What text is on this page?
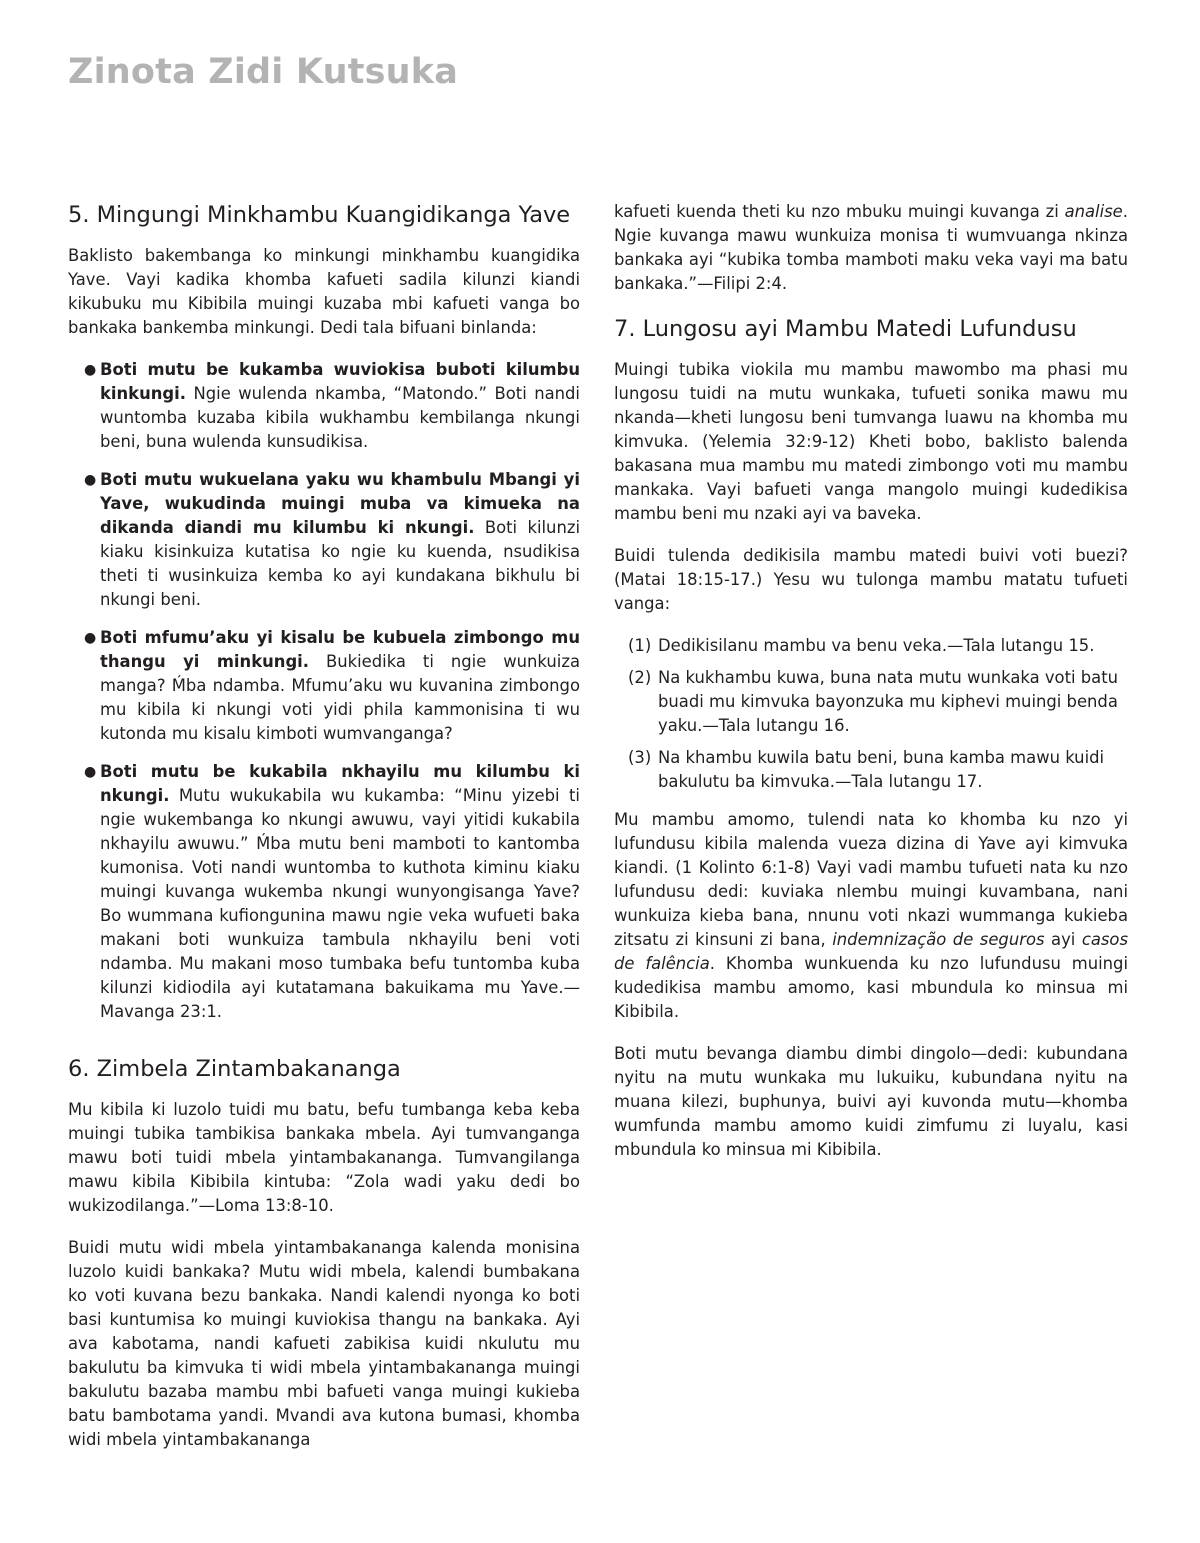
Zinota Zidi Kutsuka
5. Mingungi Minkhambu Kuangidikanga Yave

Baklisto bakembanga ko minkungi minkhambu kuangidika Yave. Vayi kadika khomba kafueti sadila kilunzi kiandi kikubuku mu Kibibila muingi kuzaba mbi kafueti vanga bo bankaka bankemba minkungi. Dedi tala bifuani binlanda:

● Boti mutu be kukamba wuviokisa buboti kilumbu kinkungi. Ngie wulenda nkamba, “Matondo.” Boti nandi wuntomba kuzaba kibila wukhambu kembilanga nkungi beni, buna wulenda kunsudikisa.
● Boti mutu wukuelana yaku wu khambulu Mbangi yi Yave, wukudinda muingi muba va kimueka na dikanda diandi mu kilumbu ki nkungi. Boti kilunzi kiaku kisinkuiza kutatisa ko ngie ku kuenda, nsudikisa theti ti wusinkuiza kemba ko ayi kundakana bikhulu bi nkungi beni.
● Boti mfumu’aku yi kisalu be kubuela zimbongo mu thangu yi minkungi. Bukiedika ti ngie wunkuiza manga? Ḿba ndamba. Mfumu’aku wu kuvanina zimbongo mu kibila ki nkungi voti yidi phila kammonisina ti wu kutonda mu kisalu kimboti wumvanganga?
● Boti mutu be kukabila nkhayilu mu kilumbu ki nkungi. Mutu wukukabila wu kukamba: “Minu yizebi ti ngie wukembanga ko nkungi awuwu, vayi yitidi kukabila nkhayilu awuwu.” Ḿba mutu beni mamboti to kantomba kumonisa. Voti nandi wuntomba to kuthota kiminu kiaku muingi kuvanga wukemba nkungi wunyongisanga Yave? Bo wummana kufiongunina mawu ngie veka wufueti baka makani boti wunkuiza tambula nkhayilu beni voti ndamba. Mu makani moso tumbaka befu tuntomba kuba kilunzi kidiodila ayi kutatamana bakuikama mu Yave.—Mavanga 23:1.
6. Zimbela Zintambakananga

Mu kibila ki luzolo tuidi mu batu, befu tumbanga keba keba muingi tubika tambikisa bankaka mbela. Ayi tumvanganga mawu boti tuidi mbela yintambakananga. Tumvangilanga mawu kibila Kibibila kintuba: “Zola wadi yaku dedi bo wukizodilanga.”—Loma 13:8-10.

Buidi mutu widi mbela yintambakananga kalenda monisina luzolo kuidi bankaka? Mutu widi mbela, kalendi bumbakana ko voti kuvana bezu bankaka. Nandi kalendi nyonga ko boti basi kuntumisa ko muingi kuviokisa thangu na bankaka. Ayi ava kabotama, nandi kafueti zabikisa kuidi nkulutu mu bakulutu ba kimvuka ti widi mbela yintambakananga muingi bakulutu bazaba mambu mbi bafueti vanga muingi kukieba batu bambotama yandi. Mvandi ava kutona bumasi, khomba widi mbela yintambakananga

kafueti kuenda theti ku nzo mbuku muingi kuvanga zi analise. Ngie kuvanga mawu wunkuiza monisa ti wumvuanga nkinza bankaka ayi “kubika tomba mamboti maku veka vayi ma batu bankaka.”—Filipi 2:4.

7. Lungosu ayi Mambu Matedi Lufundusu

Muingi tubika viokila mu mambu mawombo ma phasi mu lungosu tuidi na mutu wunkaka, tufueti sonika mawu mu nkanda—kheti lungosu beni tumvanga luawu na khomba mu kimvuka. (Yelemia 32:9-12) Kheti bobo, baklisto balenda bakasana mua mambu mu matedi zimbongo voti mu mambu mankaka. Vayi bafueti vanga mangolo muingi kudedikisa mambu beni mu nzaki ayi va baveka.

Buidi tulenda dedikisila mambu matedi buivi voti buezi? (Matai 18:15-17.) Yesu wu tulonga mambu matatu tufueti vanga:

(1) Dedikisilanu mambu va benu veka.—Tala lutangu 15.
(2) Na kukhambu kuwa, buna nata mutu wunkaka voti batu buadi mu kimvuka bayonzuka mu kiphevi muingi benda yaku.—Tala lutangu 16.
(3) Na khambu kuwila batu beni, buna kamba mawu kuidi bakulutu ba kimvuka.—Tala lutangu 17.

Mu mambu amomo, tulendi nata ko khomba ku nzo yi lufundusu kibila malenda vueza dizina di Yave ayi kimvuka kiandi. (1 Kolinto 6:1-8) Vayi vadi mambu tufueti nata ku nzo lufundusu dedi: kuviaka nlembu muingi kuvambana, nani wunkuiza kieba bana, nnunu voti nkazi wummanga kukieba zitsatu zi kinsuni zi bana, indemnização de seguros ayi casos de falência. Khomba wunkuenda ku nzo lufundusu muingi kudedikisa mambu amomo, kasi mbundula ko minsua mi Kibibila.

Boti mutu bevanga diambu dimbi dingolo—dedi: kubundana nyitu na mutu wunkaka mu lukuiku, kubundana nyitu na muana kilezi, buphunya, buivi ayi kuvonda mutu—khomba wumfunda mambu amomo kuidi zimfumu zi luyalu, kasi mbundula ko minsua mi Kibibila.
